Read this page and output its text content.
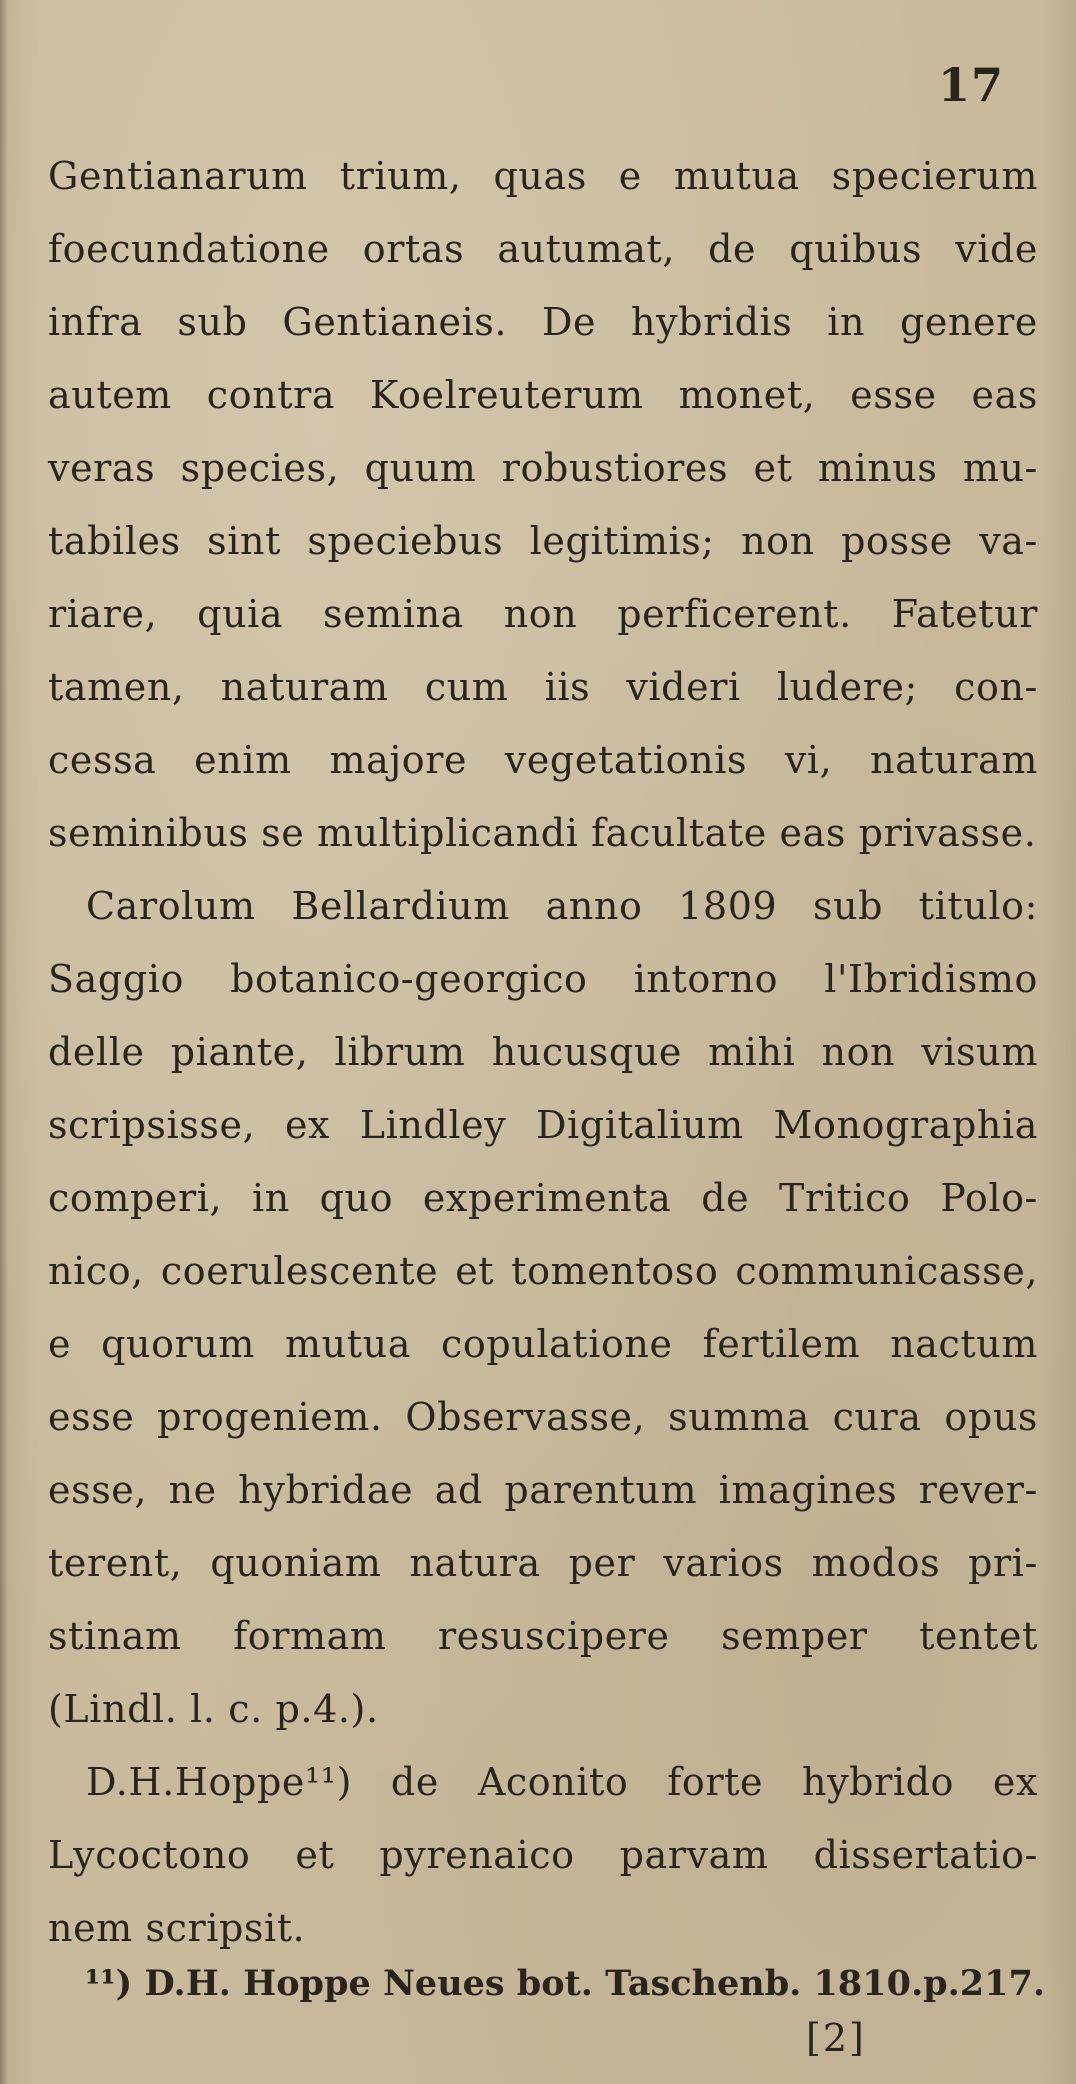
17
Gentianarum trium, quas e mutua specierum
foecundatione ortas autumat, de quibus vide
infra sub Gentianeis. De hybridis in genere
autem contra Koelreuterum monet, esse eas
veras species, quum robustiores et minus mu-
tabiles sint speciebus legitimis; non posse va-
riare, quia semina non perficerent. Fatetur
tamen, naturam cum iis videri ludere; con-
cessa enim majore vegetationis vi, naturam
seminibus se multiplicandi facultate eas privasse.
Carolum Bellardium anno 1809 sub titulo:
Saggio botanico-georgico intorno l'Ibridismo
delle piante, librum hucusque mihi non visum
scripsisse, ex Lindley Digitalium Monographia
comperi, in quo experimenta de Tritico Polo-
nico, coerulescente et tomentoso communicasse,
e quorum mutua copulatione fertilem nactum
esse progeniem. Observasse, summa cura opus
esse, ne hybridae ad parentum imagines rever-
terent, quoniam natura per varios modos pri-
stinam formam resuscipere semper tentet
(Lindl. l. c. p.4.).
D.H.Hoppe¹¹) de Aconito forte hybrido ex
Lycoctono et pyrenaico parvam dissertatio-
nem scripsit.
¹¹) D.H. Hoppe Neues bot. Taschenb. 1810.p.217.
[2]
